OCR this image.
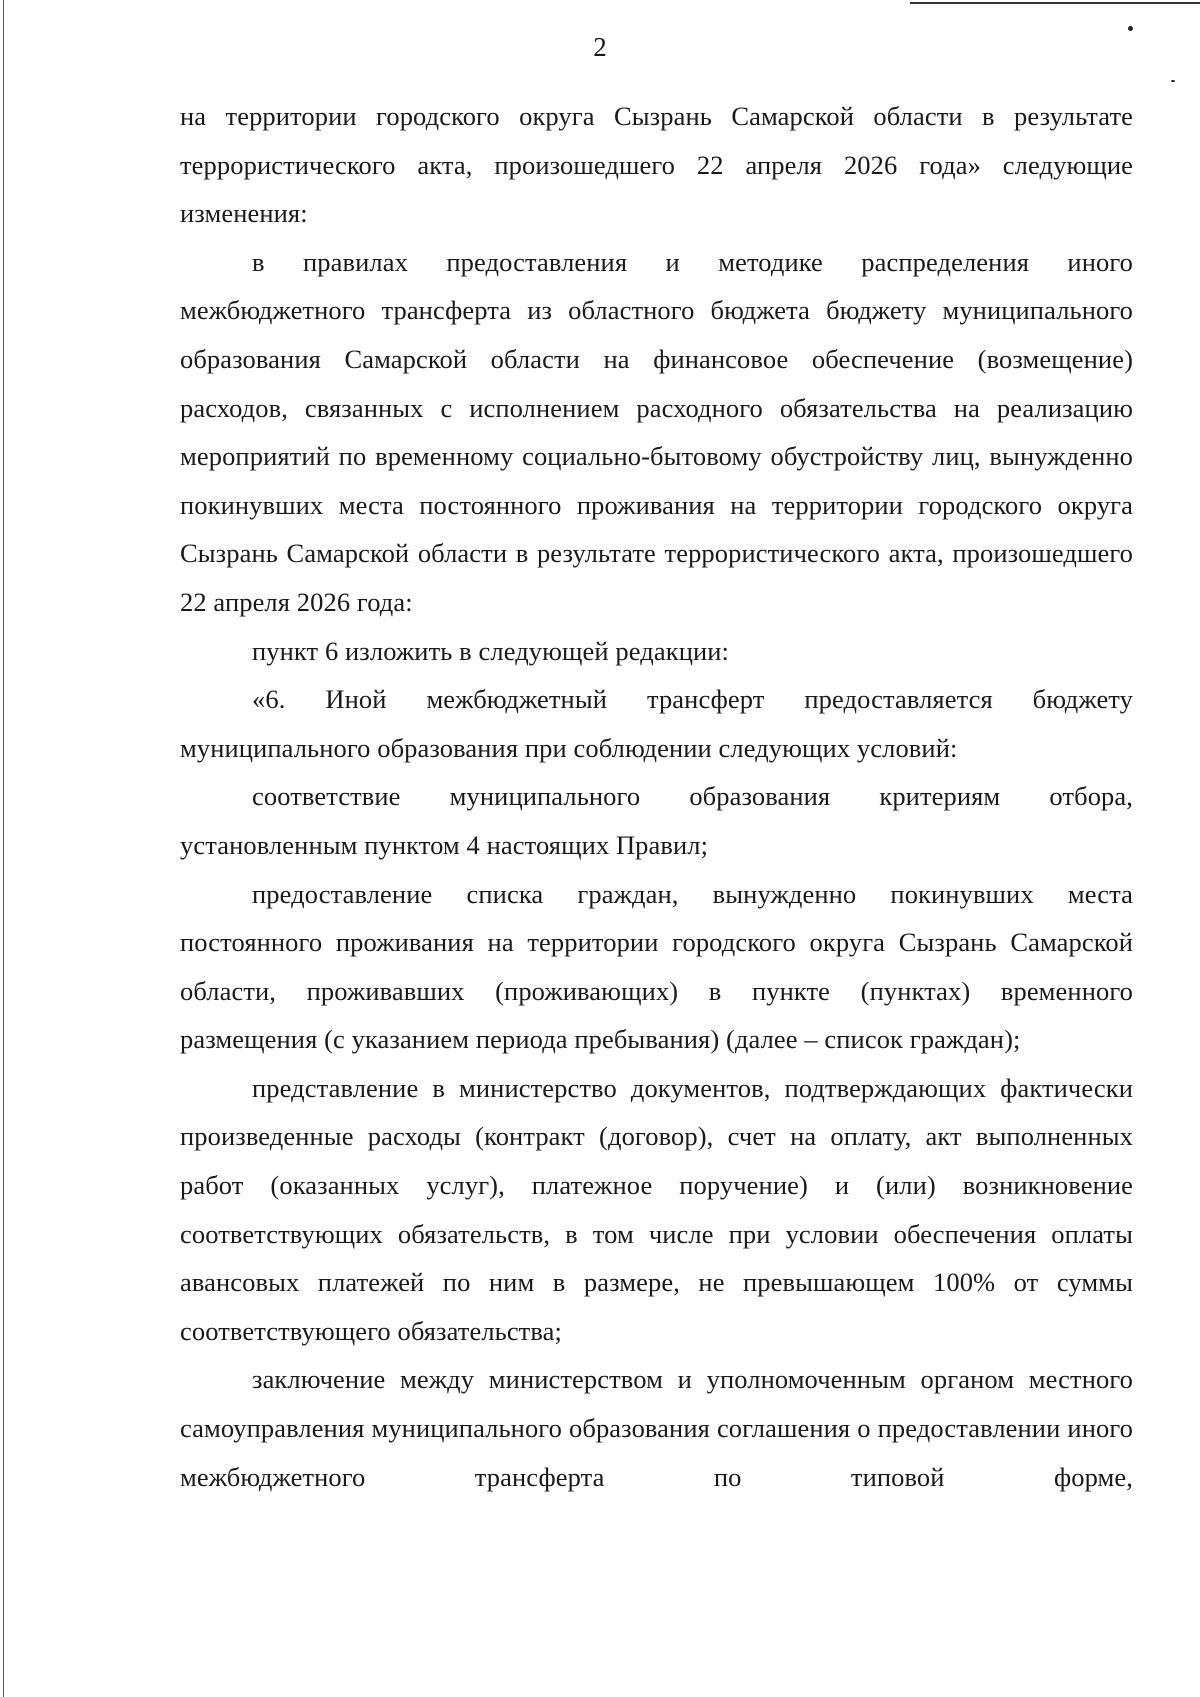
2

на территории городского округа Сызрань Самарской области в результате террористического акта, произошедшего 22 апреля 2026 года» следующие изменения:

в правилах предоставления и методике распределения иного межбюджетного трансферта из областного бюджета бюджету муниципального образования Самарской области на финансовое обеспечение (возмещение) расходов, связанных с исполнением расходного обязательства на реализацию мероприятий по временному социально-бытовому обустройству лиц, вынужденно покинувших места постоянного проживания на территории городского округа Сызрань Самарской области в результате террористического акта, произошедшего 22 апреля 2026 года:

пункт 6 изложить в следующей редакции:

«6. Иной межбюджетный трансферт предоставляется бюджету муниципального образования при соблюдении следующих условий:

соответствие муниципального образования критериям отбора, установленным пунктом 4 настоящих Правил;

предоставление списка граждан, вынужденно покинувших места постоянного проживания на территории городского округа Сызрань Самарской области, проживавших (проживающих) в пункте (пунктах) временного размещения (с указанием периода пребывания) (далее – список граждан);

представление в министерство документов, подтверждающих фактически произведенные расходы (контракт (договор), счет на оплату, акт выполненных работ (оказанных услуг), платежное поручение) и (или) возникновение соответствующих обязательств, в том числе при условии обеспечения оплаты авансовых платежей по ним в размере, не превышающем 100% от суммы соответствующего обязательства;

заключение между министерством и уполномоченным органом местного самоуправления муниципального образования соглашения о предоставлении иного межбюджетного трансферта по типовой форме,
